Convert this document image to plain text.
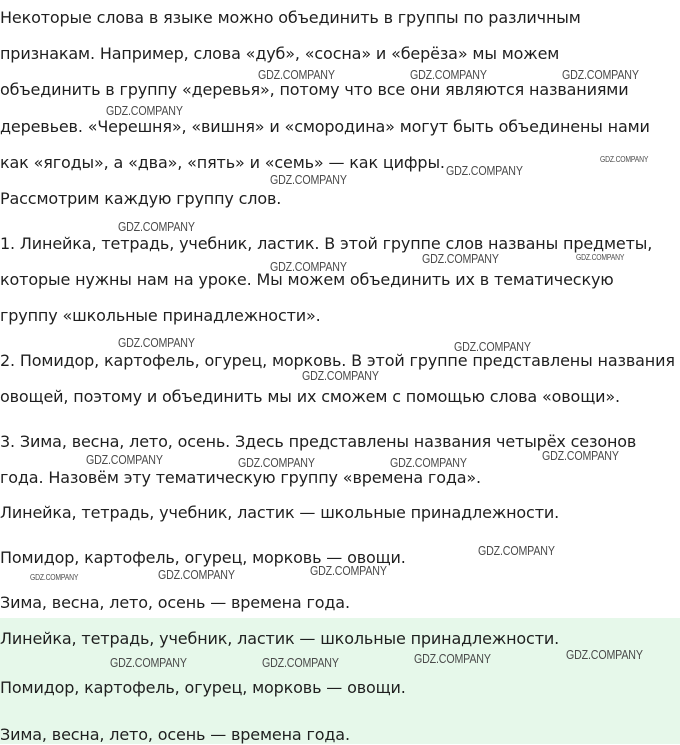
Некоторые слова в языке можно объединить в группы по различным
признакам. Например, слова «дуб», «сосна» и «берёза» мы можем
объединить в группу «деревья», потому что все они являются названиями
деревьев. «Черешня», «вишня» и «смородина» могут быть объединены нами
как «ягоды», а «два», «пять» и «семь» — как цифры.
Рассмотрим каждую группу слов.
1. Линейка, тетрадь, учебник, ластик. В этой группе слов названы предметы,
которые нужны нам на уроке. Мы можем объединить их в тематическую
группу «школьные принадлежности».
2. Помидор, картофель, огурец, морковь. В этой группе представлены названия
овощей, поэтому и объединить мы их сможем с помощью слова «овощи».
3. Зима, весна, лето, осень. Здесь представлены названия четырёх сезонов
года. Назовём эту тематическую группу «времена года».
Линейка, тетрадь, учебник, ластик — школьные принадлежности.
Помидор, картофель, огурец, морковь — овощи.
Зима, весна, лето, осень — времена года.
Линейка, тетрадь, учебник, ластик — школьные принадлежности.
Помидор, картофель, огурец, морковь — овощи.
Зима, весна, лето, осень — времена года.
GDZ.COMPANY	GDZ.COMPANY	GDZ.COMPANY
GDZ.COMPANY
GDZ.COMPANY
GDZ.COMPANY
GDZ.COMPANY
GDZ.COMPANY
GDZ.COMPANY	GDZ.COMPANY
GDZ.COMPANY
GDZ.COMPANY	GDZ.COMPANY
GDZ.COMPANY
GDZ.COMPANY	GDZ.COMPANY
GDZ.COMPANY	GDZ.COMPANY
GDZ.COMPANY
GDZ.COMPANY	GDZ.COMPANY	GDZ.COMPANY
GDZ.COMPANY	GDZ.COMPANY	GDZ.COMPANY	GDZ.COMPANY
